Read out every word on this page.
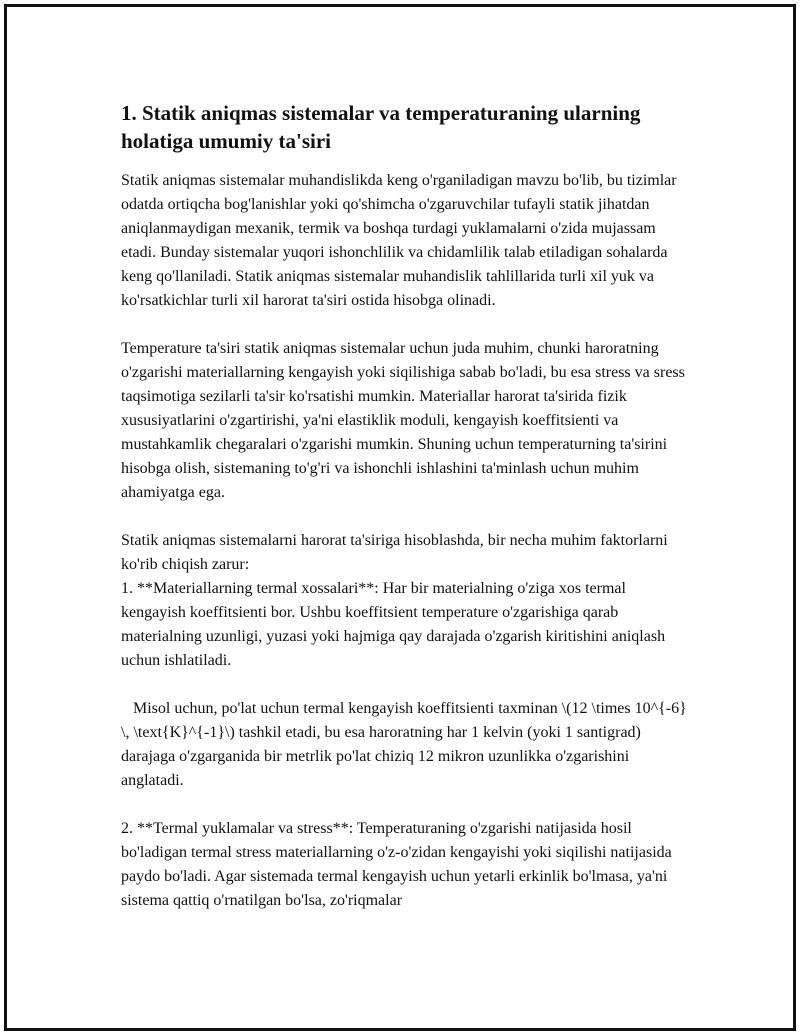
1. Statik aniqmas sistemalar va temperaturaning ularning holatiga umumiy ta'siri

Statik aniqmas sistemalar muhandislikda keng o'rganiladigan mavzu bo'lib, bu tizimlar odatda ortiqcha bog'lanishlar yoki qo'shimcha o'zgaruvchilar tufayli statik jihatdan aniqlanmaydigan mexanik, termik va boshqa turdagi yuklamalarni o'zida mujassam etadi. Bunday sistemalar yuqori ishonchlilik va chidamlilik talab etiladigan sohalarda keng qo'llaniladi. Statik aniqmas sistemalar muhandislik tahlillarida turli xil yuk va ko'rsatkichlar turli xil harorat ta'siri ostida hisobga olinadi.

Temperature ta'siri statik aniqmas sistemalar uchun juda muhim, chunki haroratning o'zgarishi materiallarning kengayish yoki siqilishiga sabab bo'ladi, bu esa stress va sress taqsimotiga sezilarli ta'sir ko'rsatishi mumkin. Materiallar harorat ta'sirida fizik xususiyatlarini o'zgartirishi, ya'ni elastiklik moduli, kengayish koeffitsienti va mustahkamlik chegaralari o'zgarishi mumkin. Shuning uchun temperaturning ta'sirini hisobga olish, sistemaning to'g'ri va ishonchli ishlashini ta'minlash uchun muhim ahamiyatga ega.

Statik aniqmas sistemalarni harorat ta'siriga hisoblashda, bir necha muhim faktorlarni ko'rib chiqish zarur:
1. **Materiallarning termal xossalari**: Har bir materialning o'ziga xos termal kengayish koeffitsienti bor. Ushbu koeffitsient temperature o'zgarishiga qarab materialning uzunligi, yuzasi yoki hajmiga qay darajada o'zgarish kiritishini aniqlash uchun ishlatiladi.

Misol uchun, po'lat uchun termal kengayish koeffitsienti taxminan \(12 \times 10^{-6} \, \text{K}^{-1}\) tashkil etadi, bu esa haroratning har 1 kelvin (yoki 1 santigrad) darajaga o'zgarganida bir metrlik po'lat chiziq 12 mikron uzunlikka o'zgarishini anglatadi.

2. **Termal yuklamalar va stress**: Temperaturaning o'zgarishi natijasida hosil bo'ladigan termal stress materiallarning o'z-o'zidan kengayishi yoki siqilishi natijasida paydo bo'ladi. Agar sistemada termal kengayish uchun yetarli erkinlik bo'lmasa, ya'ni sistema qattiq o'rnatilgan bo'lsa, zo'riqmalar
